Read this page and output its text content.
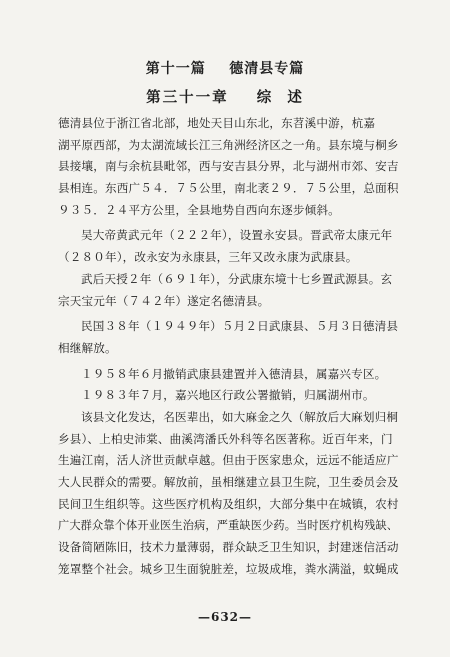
第十一篇    德清县专篇
第三十一章    综  述
德清县位于浙江省北部，地处天目山东北，东苕溪中游，杭嘉
湖平原西部，为太湖流域长江三角洲经济区之一角。县东境与桐乡
县接壤，南与余杭县毗邻，西与安吉县分界，北与湖州市郊、安吉
县相连。东西广５４．７５公里，南北袤２９．７５公里，总面积
９３５．２４平方公里，全县地势自西向东逐步倾斜。
吴大帝黄武元年（２２２年），设置永安县。晋武帝太康元年
（２８０年），改永安为永康县，三年又改永康为武康县。
武后天授２年（６９１年），分武康东境十七乡置武源县。玄
宗天宝元年（７４２年）遂定名德清县。
民国３８年（１９４９年）５月２日武康县、５月３日德清县
相继解放。
１９５８年６月撤销武康县建置并入德清县，属嘉兴专区。
１９８３年７月，嘉兴地区行政公署撤销，归属湖州市。
该县文化发达，名医辈出，如大麻金之久（解放后大麻划归桐
乡县）、上柏史沛棠、曲溪湾潘氏外科等名医著称。近百年来，门
生遍江南，活人济世贡献卓越。但由于医家患众，远远不能适应广
大人民群众的需要。解放前，虽相继建立县卫生院，卫生委员会及
民间卫生组织等。这些医疗机构及组织，大部分集中在城镇，农村
广大群众靠个体开业医生治病，严重缺医少药。当时医疗机构残缺、
设备简陋陈旧，技术力量薄弱，群众缺乏卫生知识，封建迷信活动
笼罩整个社会。城乡卫生面貌脏差，垃圾成堆，粪水满溢，蚊蝇成
—632—
